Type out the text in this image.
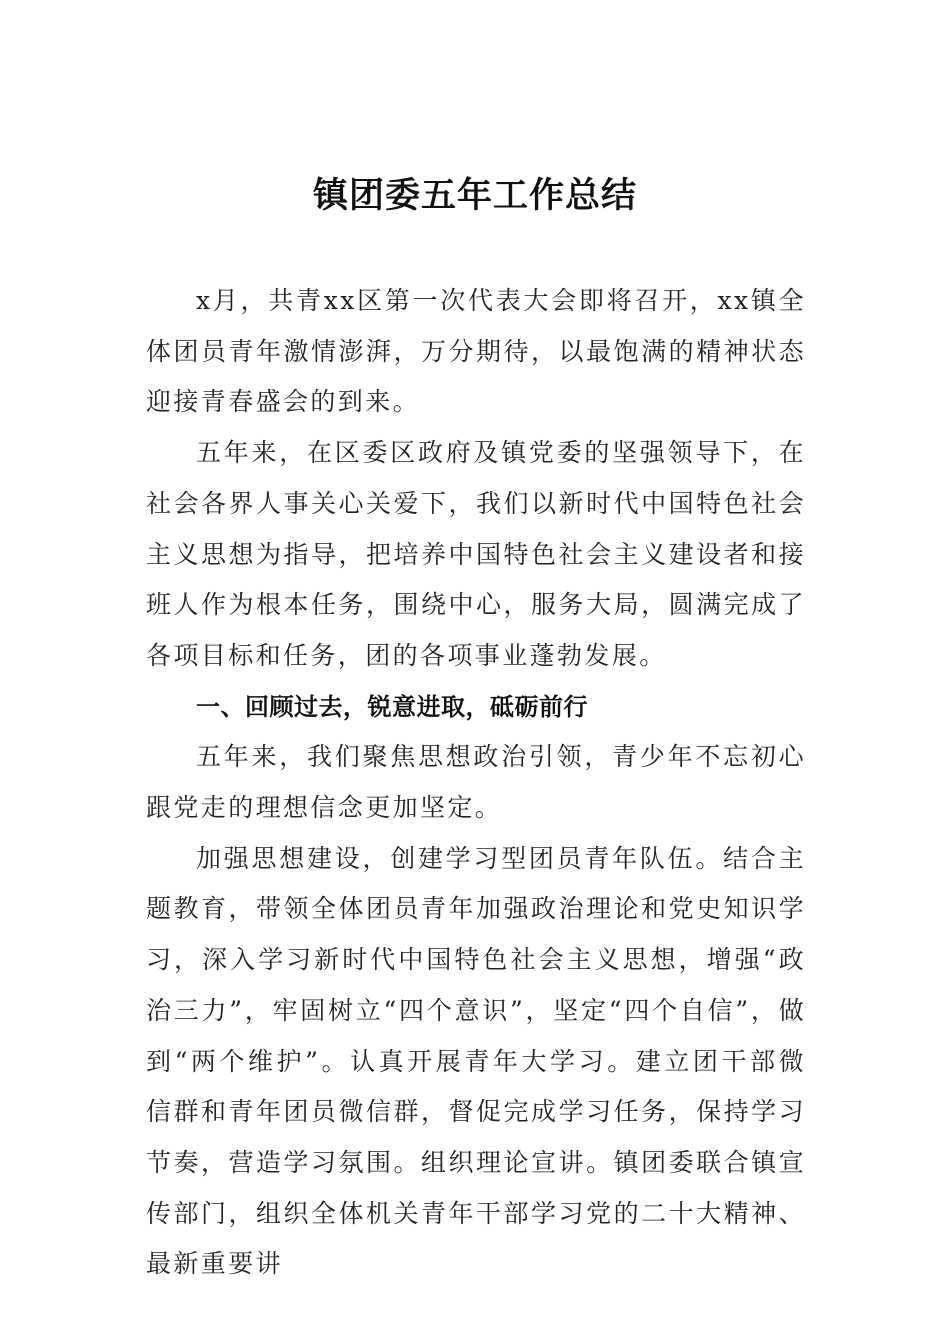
镇团委五年工作总结

x月，共青xx区第一次代表大会即将召开，xx镇全体团员青年激情澎湃，万分期待，以最饱满的精神状态迎接青春盛会的到来。

五年来，在区委区政府及镇党委的坚强领导下，在社会各界人事关心关爱下，我们以新时代中国特色社会主义思想为指导，把培养中国特色社会主义建设者和接班人作为根本任务，围绕中心，服务大局，圆满完成了各项目标和任务，团的各项事业蓬勃发展。

一、回顾过去，锐意进取，砥砺前行

五年来，我们聚焦思想政治引领，青少年不忘初心跟党走的理想信念更加坚定。

加强思想建设，创建学习型团员青年队伍。结合主题教育，带领全体团员青年加强政治理论和党史知识学习，深入学习新时代中国特色社会主义思想，增强“政治三力”，牢固树立“四个意识”，坚定“四个自信”，做到“两个维护”。认真开展青年大学习。建立团干部微信群和青年团员微信群，督促完成学习任务，保持学习节奏，营造学习氛围。组织理论宣讲。镇团委联合镇宣传部门，组织全体机关青年干部学习党的二十大精神、最新重要讲
